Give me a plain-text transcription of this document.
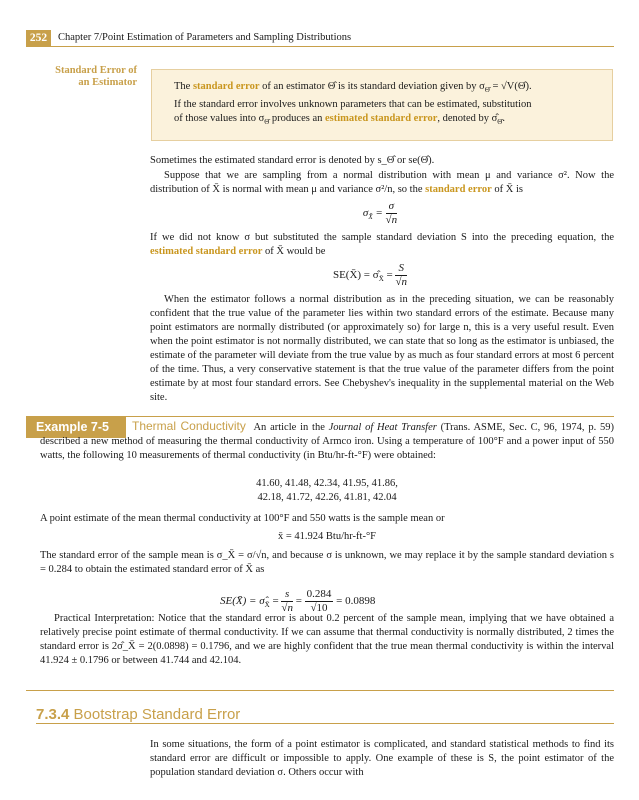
252	Chapter 7/Point Estimation of Parameters and Sampling Distributions
Standard Error of
an Estimator	The standard error of an estimator Θ̂ is its standard deviation given by $\sigma_{\Thetâ}$ = √V(Θ̂).
If the standard error involves unknown parameters that can be estimated, substitution
of those values into $\sigma_{\Thetâ}$ produces an estimated standard error, denoted by $\sigmâ_{\Thetâ}$.
Sometimes the estimated standard error is denoted by s_Θ̂ or se(Θ̂).
Suppose that we are sampling from a normal distribution with mean μ and variance σ². Now the distribution of X̄ is normal with mean μ and variance σ²/n, so the standard error of X̄ is
$\sigma_{X̄} = \frac{\sigma}{√n}$
If we did not know σ but substituted the sample standard deviation S into the preceding equation, the estimated standard error of X̄ would be
SE(X̄) = $\sigmâ_{X̄} = \frac{S}{√n}$
When the estimator follows a normal distribution as in the preceding situation, we can be reasonably confident that the true value of the parameter lies within two standard errors of the estimate. Because many point estimators are normally distributed (or approximately so) for large n, this is a very useful result. Even when the point estimator is not normally distributed, we can state that so long as the estimator is unbiased, the estimate of the parameter will deviate from the true value by as much as four standard errors at most 6 percent of the time. Thus, a very conservative statement is that the true value of the parameter differs from the point estimate by at most four standard errors. See Chebyshev's inequality in the supplemental material on the Web site.
Example 7-5	Thermal Conductivity An article in the Journal of Heat Transfer (Trans. ASME, Sec. C, 96, 1974, p. 59) described a new method of measuring the thermal conductivity of Armco iron. Using a temperature of 100°F and a power input of 550 watts, the following 10 measurements of thermal conductivity (in Btu/hr-ft-°F) were obtained:
41.60, 41.48, 42.34, 41.95, 41.86,
42.18, 41.72, 42.26, 41.81, 42.04
A point estimate of the mean thermal conductivity at 100°F and 550 watts is the sample mean or
x̄ = 41.924 Btu/hr-ft-°F
The standard error of the sample mean is σ_X̄ = σ/√n, and because σ is unknown, we may replace it by the sample standard deviation s = 0.284 to obtain the estimated standard error of X̄ as
SE(X̄) = $\sigmâ_{X̄} = \frac{s}{√n} = \frac{0.284}{√10} = 0.0898$
Practical Interpretation: Notice that the standard error is about 0.2 percent of the sample mean, implying that we have obtained a relatively precise point estimate of thermal conductivity. If we can assume that thermal conductivity is normally distributed, 2 times the standard error is 2σ̂_X̄ = 2(0.0898) = 0.1796, and we are highly confident that the true mean thermal conductivity is within the interval 41.924 ± 0.1796 or between 41.744 and 42.104.
7.3.4 Bootstrap Standard Error
In some situations, the form of a point estimator is complicated, and standard statistical methods to find its standard error are difficult or impossible to apply. One example of these is S, the point estimator of the population standard deviation σ. Others occur with
